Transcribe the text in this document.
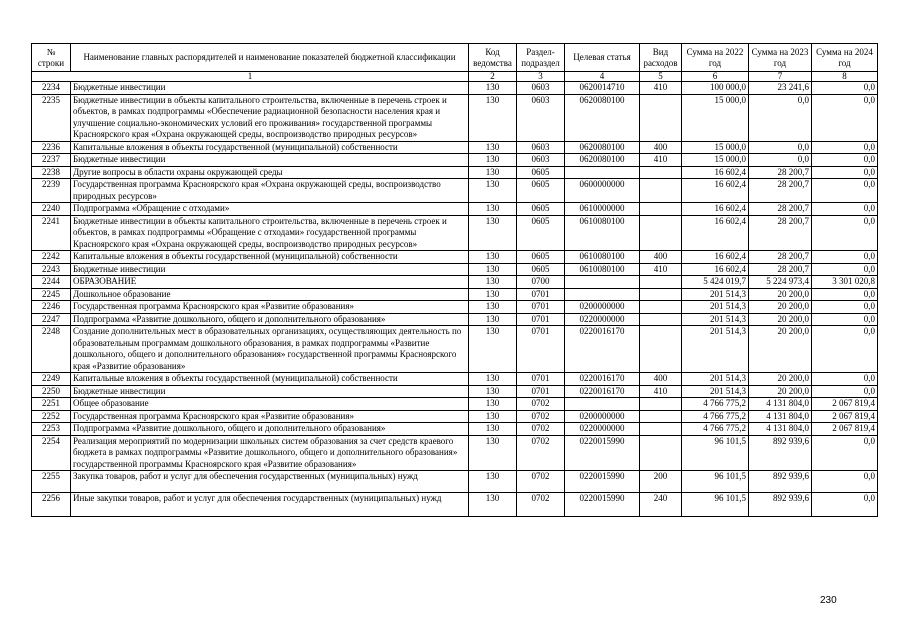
№ строки	Наименование главных распорядителей и наименование показателей бюджетной классификации	Код ведомства	Раздел-подраздел	Целевая статья	Вид расходов	Сумма на 2022 год	Сумма на 2023 год	Сумма на 2024 год
1		2	3	4	5	6	7	8
2234	Бюджетные инвестиции	130	0603	0620014710	410	100 000,0	23 241,6	0,0
2235	Бюджетные инвестиции в объекты капитального строительства, включенные в перечень строек и объектов, в рамках подпрограммы «Обеспечение радиационной безопасности населения края и улучшение социально-экономических условий его проживания» государственной программы Красноярского края «Охрана окружающей среды, воспроизводство природных ресурсов»	130	0603	0620080100		15 000,0	0,0	0,0
2236	Капитальные вложения в объекты государственной (муниципальной) собственности	130	0603	0620080100	400	15 000,0	0,0	0,0
2237	Бюджетные инвестиции	130	0603	0620080100	410	15 000,0	0,0	0,0
2238	Другие вопросы в области охраны окружающей среды	130	0605			16 602,4	28 200,7	0,0
2239	Государственная программа Красноярского края «Охрана окружающей среды, воспроизводство природных ресурсов»	130	0605	0600000000		16 602,4	28 200,7	0,0
2240	Подпрограмма «Обращение с отходами»	130	0605	0610000000		16 602,4	28 200,7	0,0
2241	Бюджетные инвестиции в объекты капитального строительства, включенные в перечень строек и объектов, в рамках подпрограммы «Обращение с отходами» государственной программы Красноярского края «Охрана окружающей среды, воспроизводство природных ресурсов»	130	0605	0610080100		16 602,4	28 200,7	0,0
2242	Капитальные вложения в объекты государственной (муниципальной) собственности	130	0605	0610080100	400	16 602,4	28 200,7	0,0
2243	Бюджетные инвестиции	130	0605	0610080100	410	16 602,4	28 200,7	0,0
2244	ОБРАЗОВАНИЕ	130	0700			5 424 019,7	5 224 973,4	3 301 020,8
2245	Дошкольное образование	130	0701			201 514,3	20 200,0	0,0
2246	Государственная программа Красноярского края «Развитие образования»	130	0701	0200000000		201 514,3	20 200,0	0,0
2247	Подпрограмма «Развитие дошкольного, общего и дополнительного образования»	130	0701	0220000000		201 514,3	20 200,0	0,0
2248	Создание дополнительных мест в образовательных организациях, осуществляющих деятельность по образовательным программам дошкольного образования, в рамках подпрограммы «Развитие дошкольного, общего и дополнительного образования» государственной программы Красноярского края «Развитие образования»	130	0701	0220016170		201 514,3	20 200,0	0,0
2249	Капитальные вложения в объекты государственной (муниципальной) собственности	130	0701	0220016170	400	201 514,3	20 200,0	0,0
2250	Бюджетные инвестиции	130	0701	0220016170	410	201 514,3	20 200,0	0,0
2251	Общее образование	130	0702			4 766 775,2	4 131 804,0	2 067 819,4
2252	Государственная программа Красноярского края «Развитие образования»	130	0702	0200000000		4 766 775,2	4 131 804,0	2 067 819,4
2253	Подпрограмма «Развитие дошкольного, общего и дополнительного образования»	130	0702	0220000000		4 766 775,2	4 131 804,0	2 067 819,4
2254	Реализация мероприятий по модернизации школьных систем образования за счет средств краевого бюджета в рамках подпрограммы «Развитие дошкольного, общего и дополнительного образования» государственной программы Красноярского края «Развитие образования»	130	0702	0220015990		96 101,5	892 939,6	0,0
2255	Закупка товаров, работ и услуг для обеспечения государственных (муниципальных) нужд	130	0702	0220015990	200	96 101,5	892 939,6	0,0
2256	Иные закупки товаров, работ и услуг для обеспечения государственных (муниципальных) нужд	130	0702	0220015990	240	96 101,5	892 939,6	0,0
230
